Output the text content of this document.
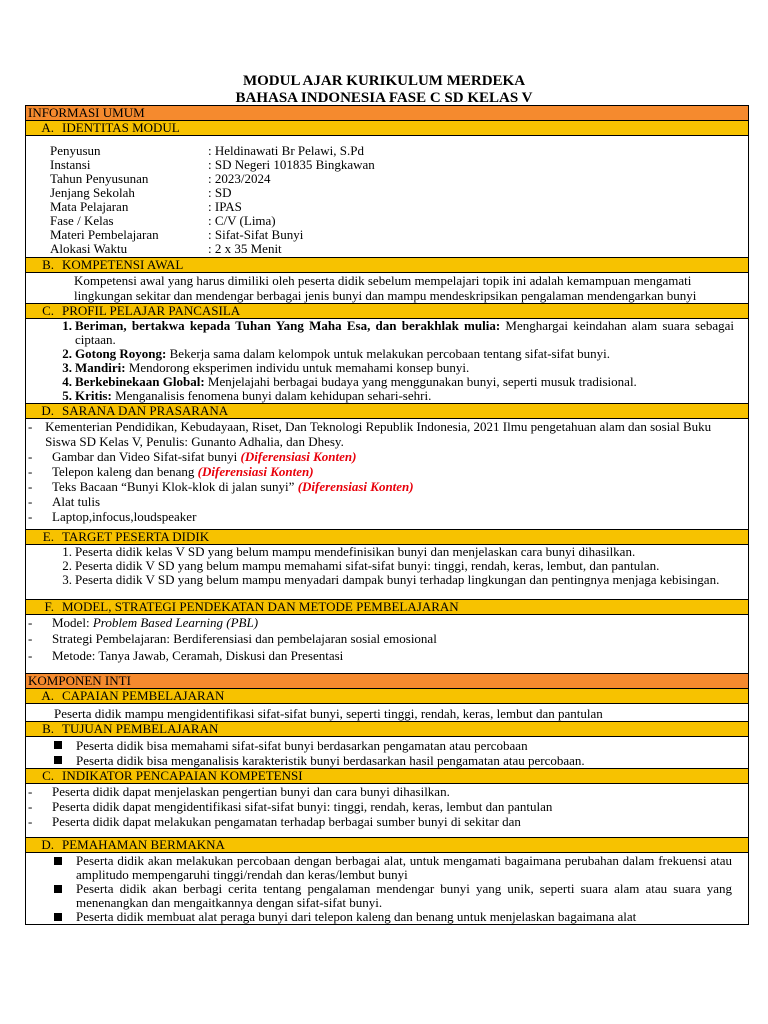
MODUL AJAR KURIKULUM MERDEKA
BAHASA INDONESIA FASE C SD KELAS V
INFORMASI UMUM
A. IDENTITAS MODUL
Penyusun	: Heldinawati Br Pelawi, S.Pd
Instansi	: SD Negeri 101835 Bingkawan
Tahun Penyusunan	: 2023/2024
Jenjang Sekolah	: SD
Mata Pelajaran	: IPAS
Fase / Kelas	: C/V (Lima)
Materi Pembelajaran	: Sifat-Sifat Bunyi
Alokasi Waktu	: 2 x 35 Menit
B. KOMPETENSI AWAL
Kompetensi awal yang harus dimiliki oleh peserta didik sebelum mempelajari topik ini adalah kemampuan mengamati lingkungan sekitar dan mendengar berbagai jenis bunyi dan mampu mendeskripsikan pengalaman mendengarkan bunyi
C. PROFIL PELAJAR PANCASILA
1. Beriman, bertakwa kepada Tuhan Yang Maha Esa, dan berakhlak mulia: Menghargai keindahan alam suara sebagai ciptaan.
2. Gotong Royong: Bekerja sama dalam kelompok untuk melakukan percobaan tentang sifat-sifat bunyi.
3. Mandiri: Mendorong eksperimen individu untuk memahami konsep bunyi.
4. Berkebinekaan Global: Menjelajahi berbagai budaya yang menggunakan bunyi, seperti musuk tradisional.
5. Kritis: Menganalisis fenomena bunyi dalam kehidupan sehari-sehri.
D. SARANA DAN PRASARANA
- Kementerian Pendidikan, Kebudayaan, Riset, Dan Teknologi Republik Indonesia, 2021 Ilmu pengetahuan alam dan sosial Buku Siswa SD Kelas V, Penulis: Gunanto Adhalia, dan Dhesy.
-	Gambar dan Video Sifat-sifat bunyi (Diferensiasi Konten)
-	Telepon kaleng dan benang (Diferensiasi Konten)
-	Teks Bacaan “Bunyi Klok-klok di jalan sunyi” (Diferensiasi Konten)
-	Alat tulis
-	Laptop,infocus,loudspeaker
E. TARGET PESERTA DIDIK
1. Peserta didik kelas V SD yang belum mampu mendefinisikan bunyi dan menjelaskan cara bunyi dihasilkan.
2. Peserta didik V SD yang belum mampu memahami sifat-sifat bunyi: tinggi, rendah, keras, lembut, dan pantulan.
3. Peserta didik V SD yang belum mampu menyadari dampak bunyi terhadap lingkungan dan pentingnya menjaga kebisingan.
F. MODEL, STRATEGI PENDEKATAN DAN METODE PEMBELAJARAN
-	Model: Problem Based Learning (PBL)
-	Strategi Pembelajaran: Berdiferensiasi dan pembelajaran sosial emosional
-	Metode: Tanya Jawab, Ceramah, Diskusi dan Presentasi
KOMPONEN INTI
A. CAPAIAN PEMBELAJARAN
Peserta didik mampu mengidentifikasi sifat-sifat bunyi, seperti tinggi, rendah, keras, lembut dan pantulan
B. TUJUAN PEMBELAJARAN
Peserta didik bisa memahami sifat-sifat bunyi berdasarkan pengamatan atau percobaan
Peserta didik bisa menganalisis karakteristik bunyi berdasarkan hasil pengamatan atau percobaan.
C. INDIKATOR PENCAPAIAN KOMPETENSI
-	Peserta didik dapat menjelaskan pengertian bunyi dan cara bunyi dihasilkan.
-	Peserta didik dapat mengidentifikasi sifat-sifat bunyi: tinggi, rendah, keras, lembut dan pantulan
-	Peserta didik dapat melakukan pengamatan terhadap berbagai sumber bunyi di sekitar dan
D. PEMAHAMAN BERMAKNA
Peserta didik akan melakukan percobaan dengan berbagai alat, untuk mengamati bagaimana perubahan dalam frekuensi atau amplitudo mempengaruhi tinggi/rendah dan keras/lembut bunyi
Peserta didik akan berbagi cerita tentang pengalaman mendengar bunyi yang unik, seperti suara alam atau suara yang menenangkan dan mengaitkannya dengan sifat-sifat bunyi.
Peserta didik membuat alat peraga bunyi dari telepon kaleng dan benang untuk menjelaskan bagaimana alat
